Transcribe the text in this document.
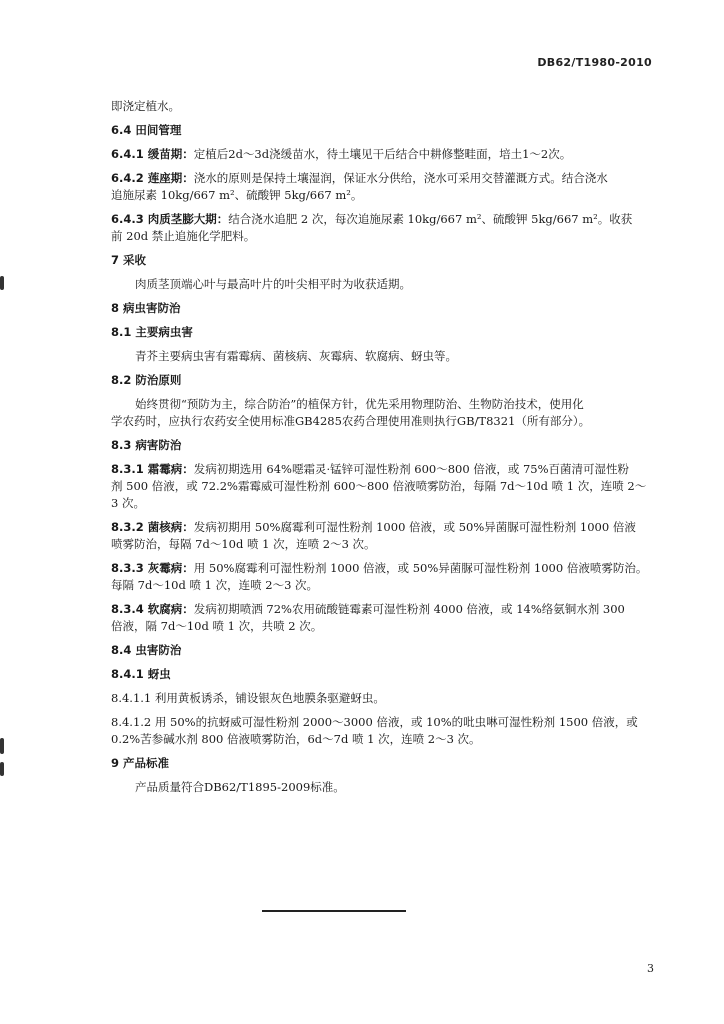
DB62/T1980-2010
即浇定植水。
6.4 田间管理
6.4.1 缓苗期：定植后2d～3d浇缓苗水，待土壤见干后结合中耕修整畦面，培土1～2次。
6.4.2 莲座期：浇水的原则是保持土壤湿润，保证水分供给，浇水可采用交替灌溉方式。结合浇水
追施尿素 10kg/667 m²、硫酸钾 5kg/667 m²。
6.4.3 肉质茎膨大期：结合浇水追肥 2 次，每次追施尿素 10kg/667 m²、硫酸钾 5kg/667 m²。收获
前 20d 禁止追施化学肥料。
7 采收
肉质茎顶端心叶与最高叶片的叶尖相平时为收获适期。
8 病虫害防治
8.1 主要病虫害
青芥主要病虫害有霜霉病、菌核病、灰霉病、软腐病、蚜虫等。
8.2 防治原则
始终贯彻“预防为主，综合防治”的植保方针，优先采用物理防治、生物防治技术，使用化
学农药时，应执行农药安全使用标准GB4285农药合理使用准则执行GB/T8321（所有部分）。
8.3 病害防治
8.3.1 霜霉病：发病初期选用 64%噁霜灵·锰锌可湿性粉剂 600～800 倍液，或 75%百菌清可湿性粉
剂 500 倍液，或 72.2%霜霉威可湿性粉剂 600～800 倍液喷雾防治，每隔 7d～10d 喷 1 次，连喷 2～
3 次。
8.3.2 菌核病：发病初期用 50%腐霉利可湿性粉剂 1000 倍液，或 50%异菌脲可湿性粉剂 1000 倍液
喷雾防治，每隔 7d～10d 喷 1 次，连喷 2～3 次。
8.3.3 灰霉病：用 50%腐霉利可湿性粉剂 1000 倍液，或 50%异菌脲可湿性粉剂 1000 倍液喷雾防治。
每隔 7d～10d 喷 1 次，连喷 2～3 次。
8.3.4 软腐病：发病初期喷洒 72%农用硫酸链霉素可湿性粉剂 4000 倍液，或 14%络氨铜水剂 300
倍液，隔 7d～10d 喷 1 次，共喷 2 次。
8.4 虫害防治
8.4.1 蚜虫
8.4.1.1 利用黄板诱杀，铺设银灰色地膜条驱避蚜虫。
8.4.1.2 用 50%的抗蚜威可湿性粉剂 2000～3000 倍液，或 10%的吡虫啉可湿性粉剂 1500 倍液，或
0.2%苦参碱水剂 800 倍液喷雾防治，6d～7d 喷 1 次，连喷 2～3 次。
9 产品标准
产品质量符合DB62/T1895-2009标准。
3
